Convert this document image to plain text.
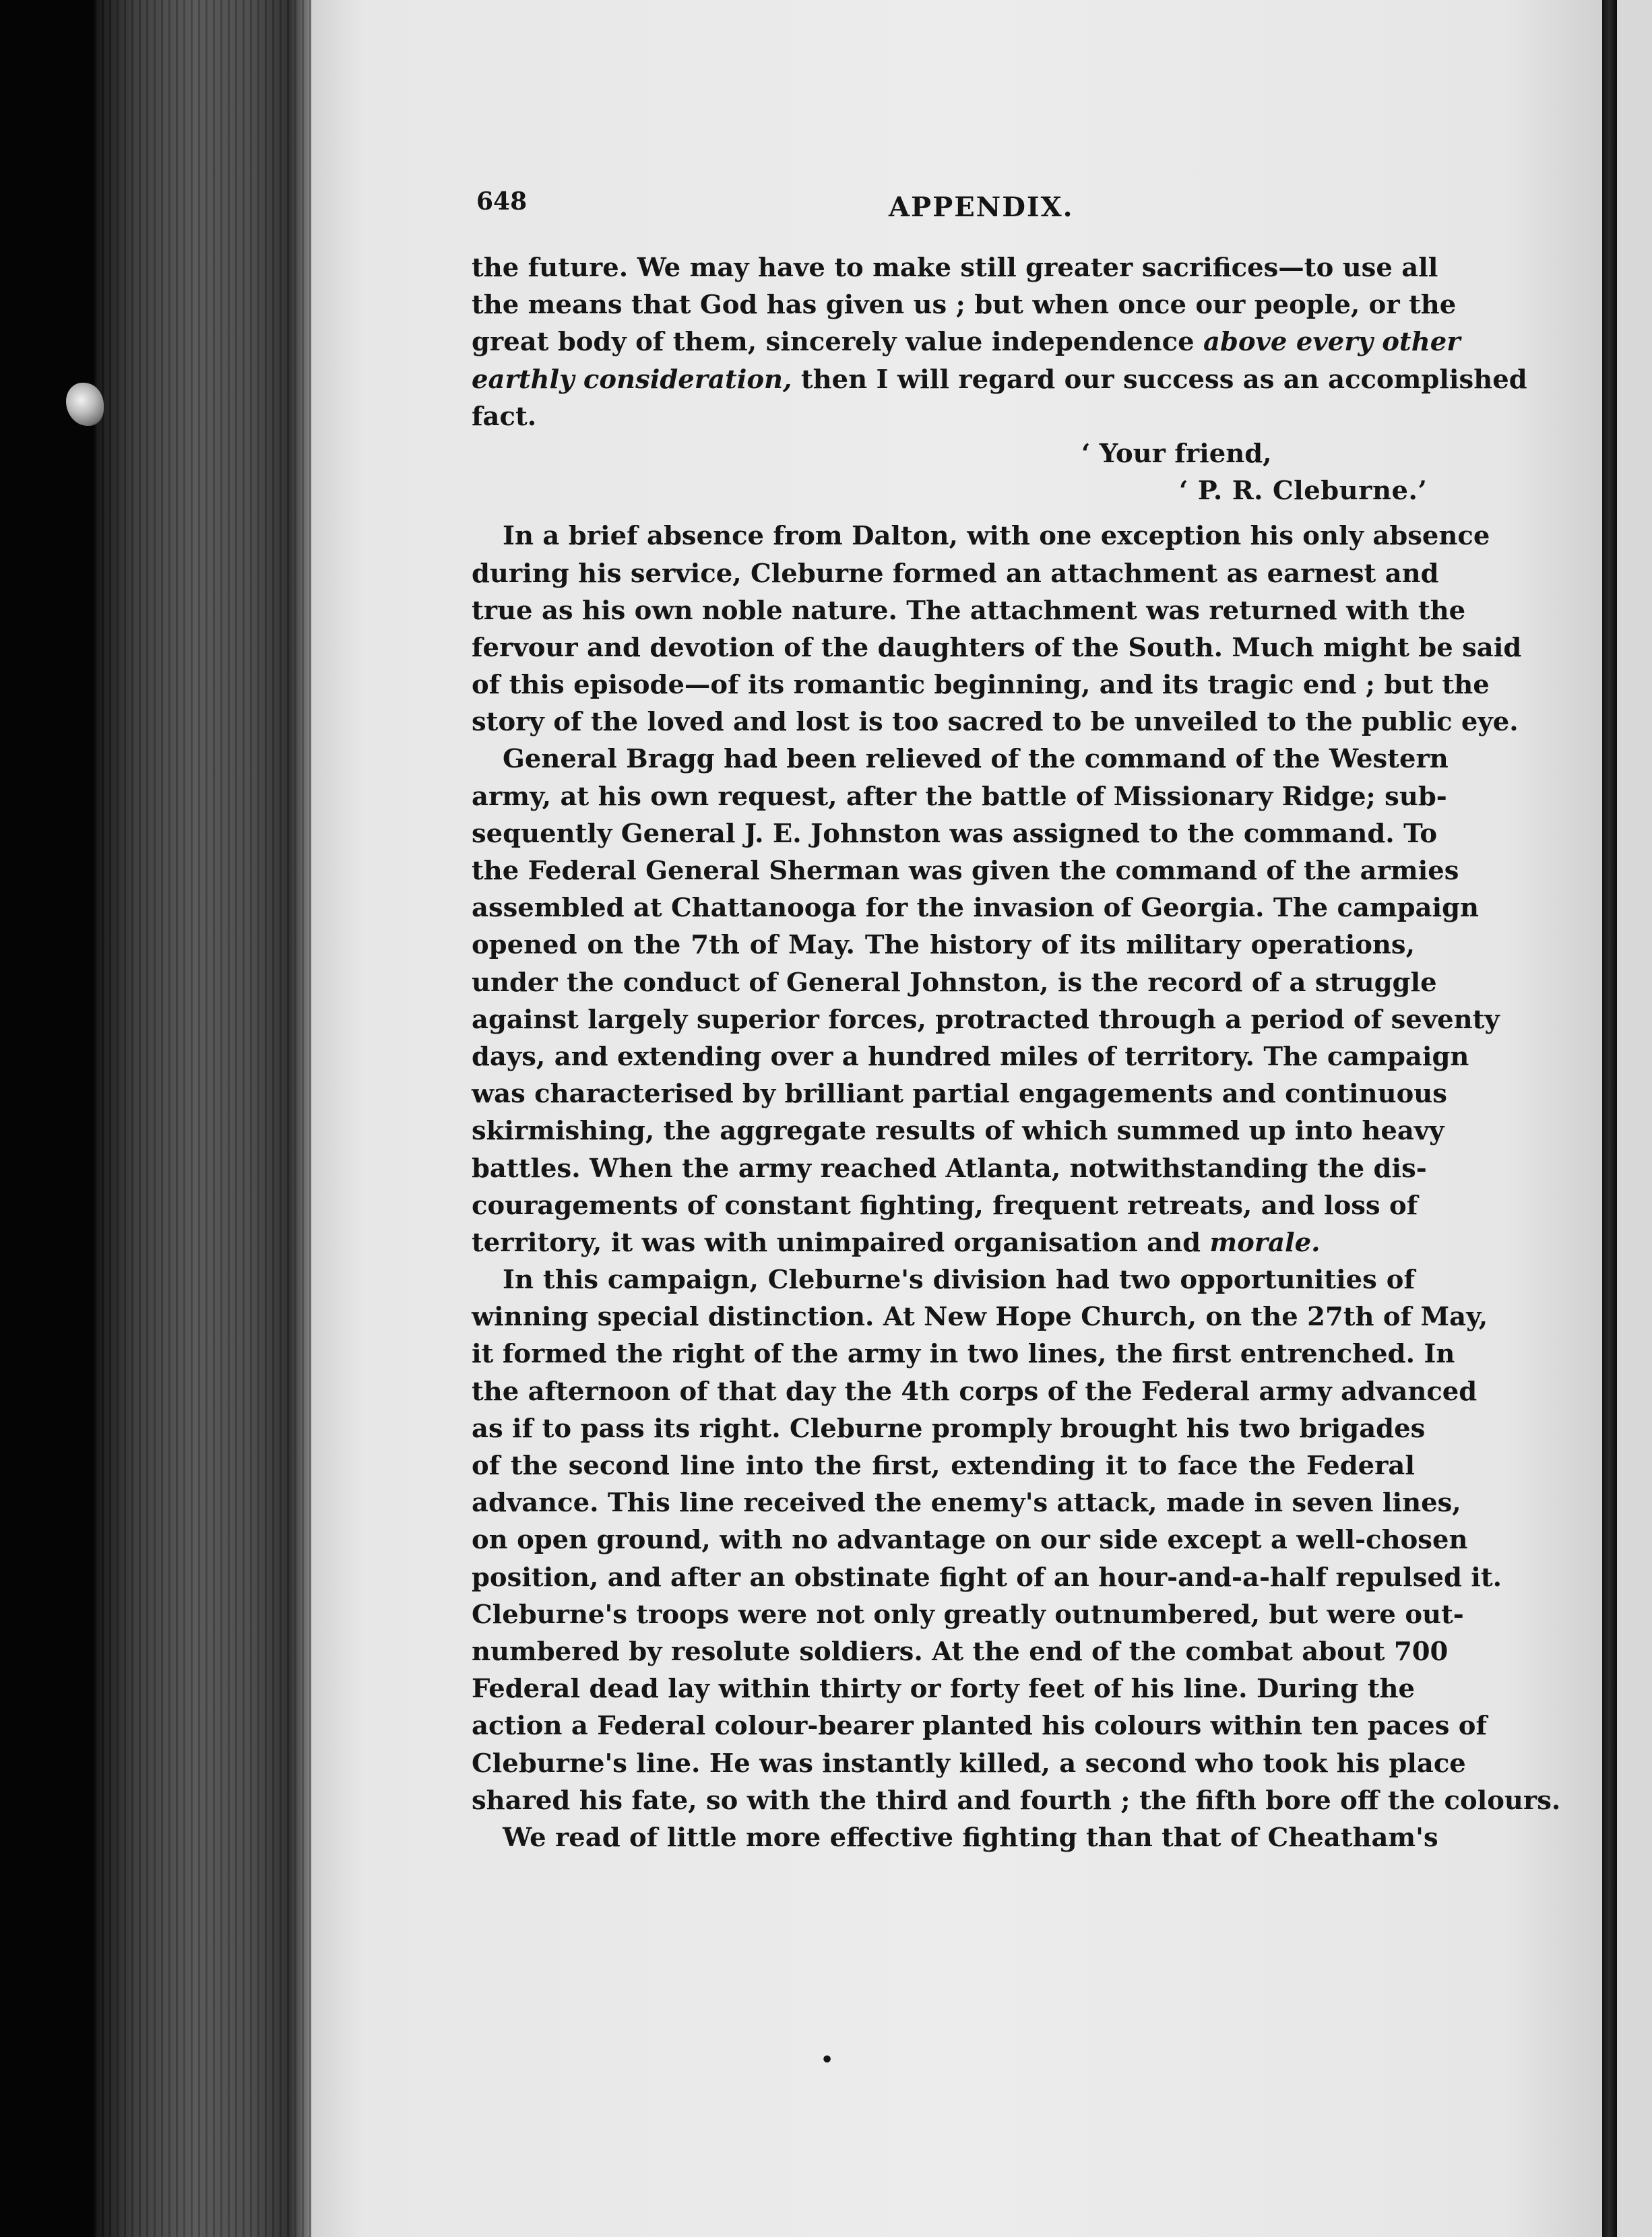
648	APPENDIX.
the future. We may have to make still greater sacrifices—to use all
the means that God has given us ; but when once our people, or the
great body of them, sincerely value independence above every other
earthly consideration, then I will regard our success as an accomplished
fact.
‘ Your friend,
‘ P. R. Cleburne.’
In a brief absence from Dalton, with one exception his only absence
during his service, Cleburne formed an attachment as earnest and
true as his own noble nature. The attachment was returned with the
fervour and devotion of the daughters of the South. Much might be said
of this episode—of its romantic beginning, and its tragic end ; but the
story of the loved and lost is too sacred to be unveiled to the public eye.
General Bragg had been relieved of the command of the Western
army, at his own request, after the battle of Missionary Ridge; sub-
sequently General J. E. Johnston was assigned to the command. To
the Federal General Sherman was given the command of the armies
assembled at Chattanooga for the invasion of Georgia. The campaign
opened on the 7th of May. The history of its military operations,
under the conduct of General Johnston, is the record of a struggle
against largely superior forces, protracted through a period of seventy
days, and extending over a hundred miles of territory. The campaign
was characterised by brilliant partial engagements and continuous
skirmishing, the aggregate results of which summed up into heavy
battles. When the army reached Atlanta, notwithstanding the dis-
couragements of constant fighting, frequent retreats, and loss of
territory, it was with unimpaired organisation and morale.
In this campaign, Cleburne's division had two opportunities of
winning special distinction. At New Hope Church, on the 27th of May,
it formed the right of the army in two lines, the first entrenched. In
the afternoon of that day the 4th corps of the Federal army advanced
as if to pass its right. Cleburne promply brought his two brigades
of the second line into the first, extending it to face the Federal
advance. This line received the enemy's attack, made in seven lines,
on open ground, with no advantage on our side except a well-chosen
position, and after an obstinate fight of an hour-and-a-half repulsed it.
Cleburne's troops were not only greatly outnumbered, but were out-
numbered by resolute soldiers. At the end of the combat about 700
Federal dead lay within thirty or forty feet of his line. During the
action a Federal colour-bearer planted his colours within ten paces of
Cleburne's line. He was instantly killed, a second who took his place
shared his fate, so with the third and fourth ; the fifth bore off the colours.
We read of little more effective fighting than that of Cheatham's
•
